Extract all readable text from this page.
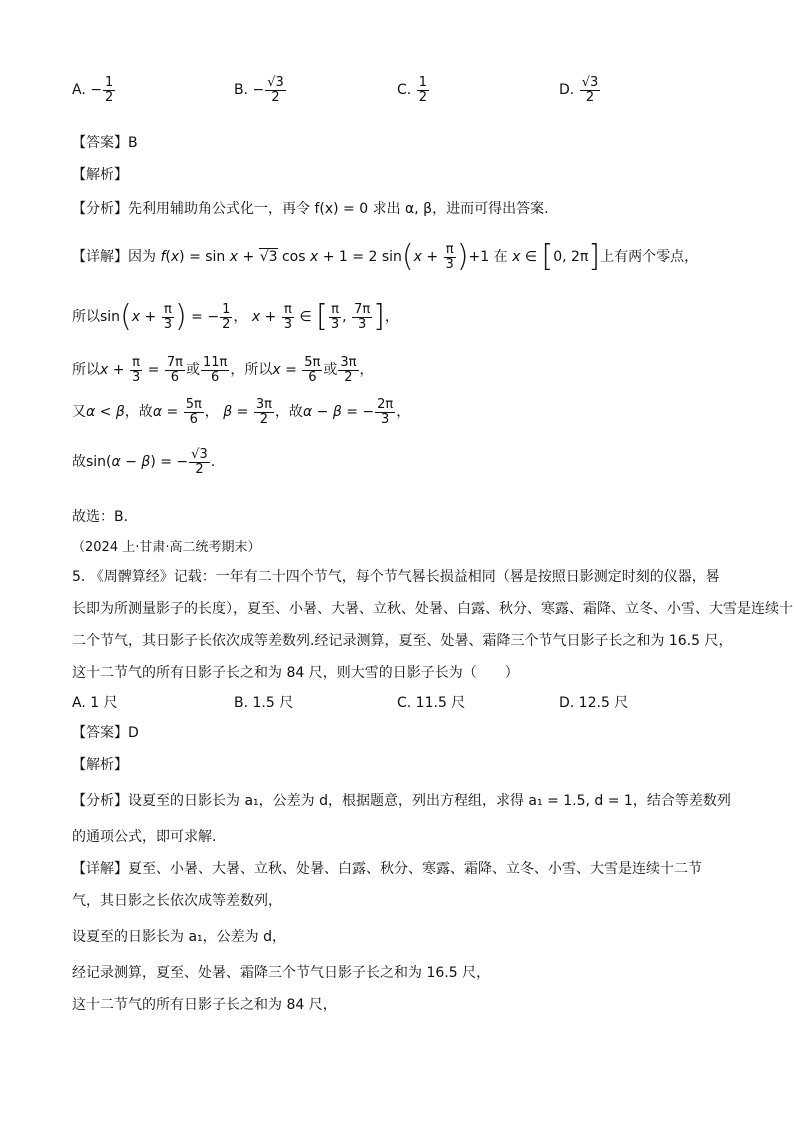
A. − $\frac{1}{2}$	B. − $\frac{√3}{2}$	C. $\frac{1}{2}$	D. $\frac{√3}{2}$
【答案】B
【解析】
【分析】先利用辅助角公式化一，再令 f(x) = 0 求出 α, β，进而可得出答案.
【详解】因为 f(x) = sin x + √3 cos x + 1 = 2 $\sin(x + \frac{\pi}{3} )+1$ 在 x ∈ [0, 2π]上有两个零点，
所以$\sin(x + \frac{\pi}{3}$ ) = − $\frac{1}{2}$ ， $x + \frac{\pi}{3}$ ∈ [ $\frac{\pi}{3}$ , $\frac{7\pi}{3}$ ]，
所以$x + \frac{\pi}{3} = \frac{7\pi}{6}$ 或 $\frac{11\pi}{6}$ ，所以$x = \frac{5\pi}{6}$ 或 $\frac{3\pi}{2}$ ，
又α < β，故$\alpha = \frac{5\pi}{6}$ ， $\beta = \frac{3\pi}{2}$ ，故α − β = − $\frac{2\pi}{3}$ ，
故sin(α − β) = − $\frac{√3}{2}$ .
故选：B．
（2024 上·甘肃·高二统考期末）
5. 《周髀算经》记载：一年有二十四个节气，每个节气晷长损益相同（晷是按照日影测定时刻的仪器，晷
长即为所测量影子的长度），夏至、小暑、大暑、立秋、处暑、白露、秋分、寒露、霜降、立冬、小雪、大雪是连续十
二个节气，其日影子长依次成等差数列.经记录测算，夏至、处暑、霜降三个节气日影子长之和为 16.5 尺，
这十二节气的所有日影子长之和为 84 尺，则大雪的日影子长为（　　）
A. 1 尺	B. 1.5 尺	C. 11.5 尺	D. 12.5 尺
【答案】D
【解析】
【分析】设夏至的日影长为 a₁，公差为 d，根据题意，列出方程组，求得 a₁ = 1.5, d = 1，结合等差数列
的通项公式，即可求解.
【详解】夏至、小暑、大暑、立秋、处暑、白露、秋分、寒露、霜降、立冬、小雪、大雪是连续十二节
气，其日影之长依次成等差数列，
设夏至的日影长为 a₁，公差为 d，
经记录测算，夏至、处暑、霜降三个节气日影子长之和为 16.5 尺，
这十二节气的所有日影子长之和为 84 尺，
